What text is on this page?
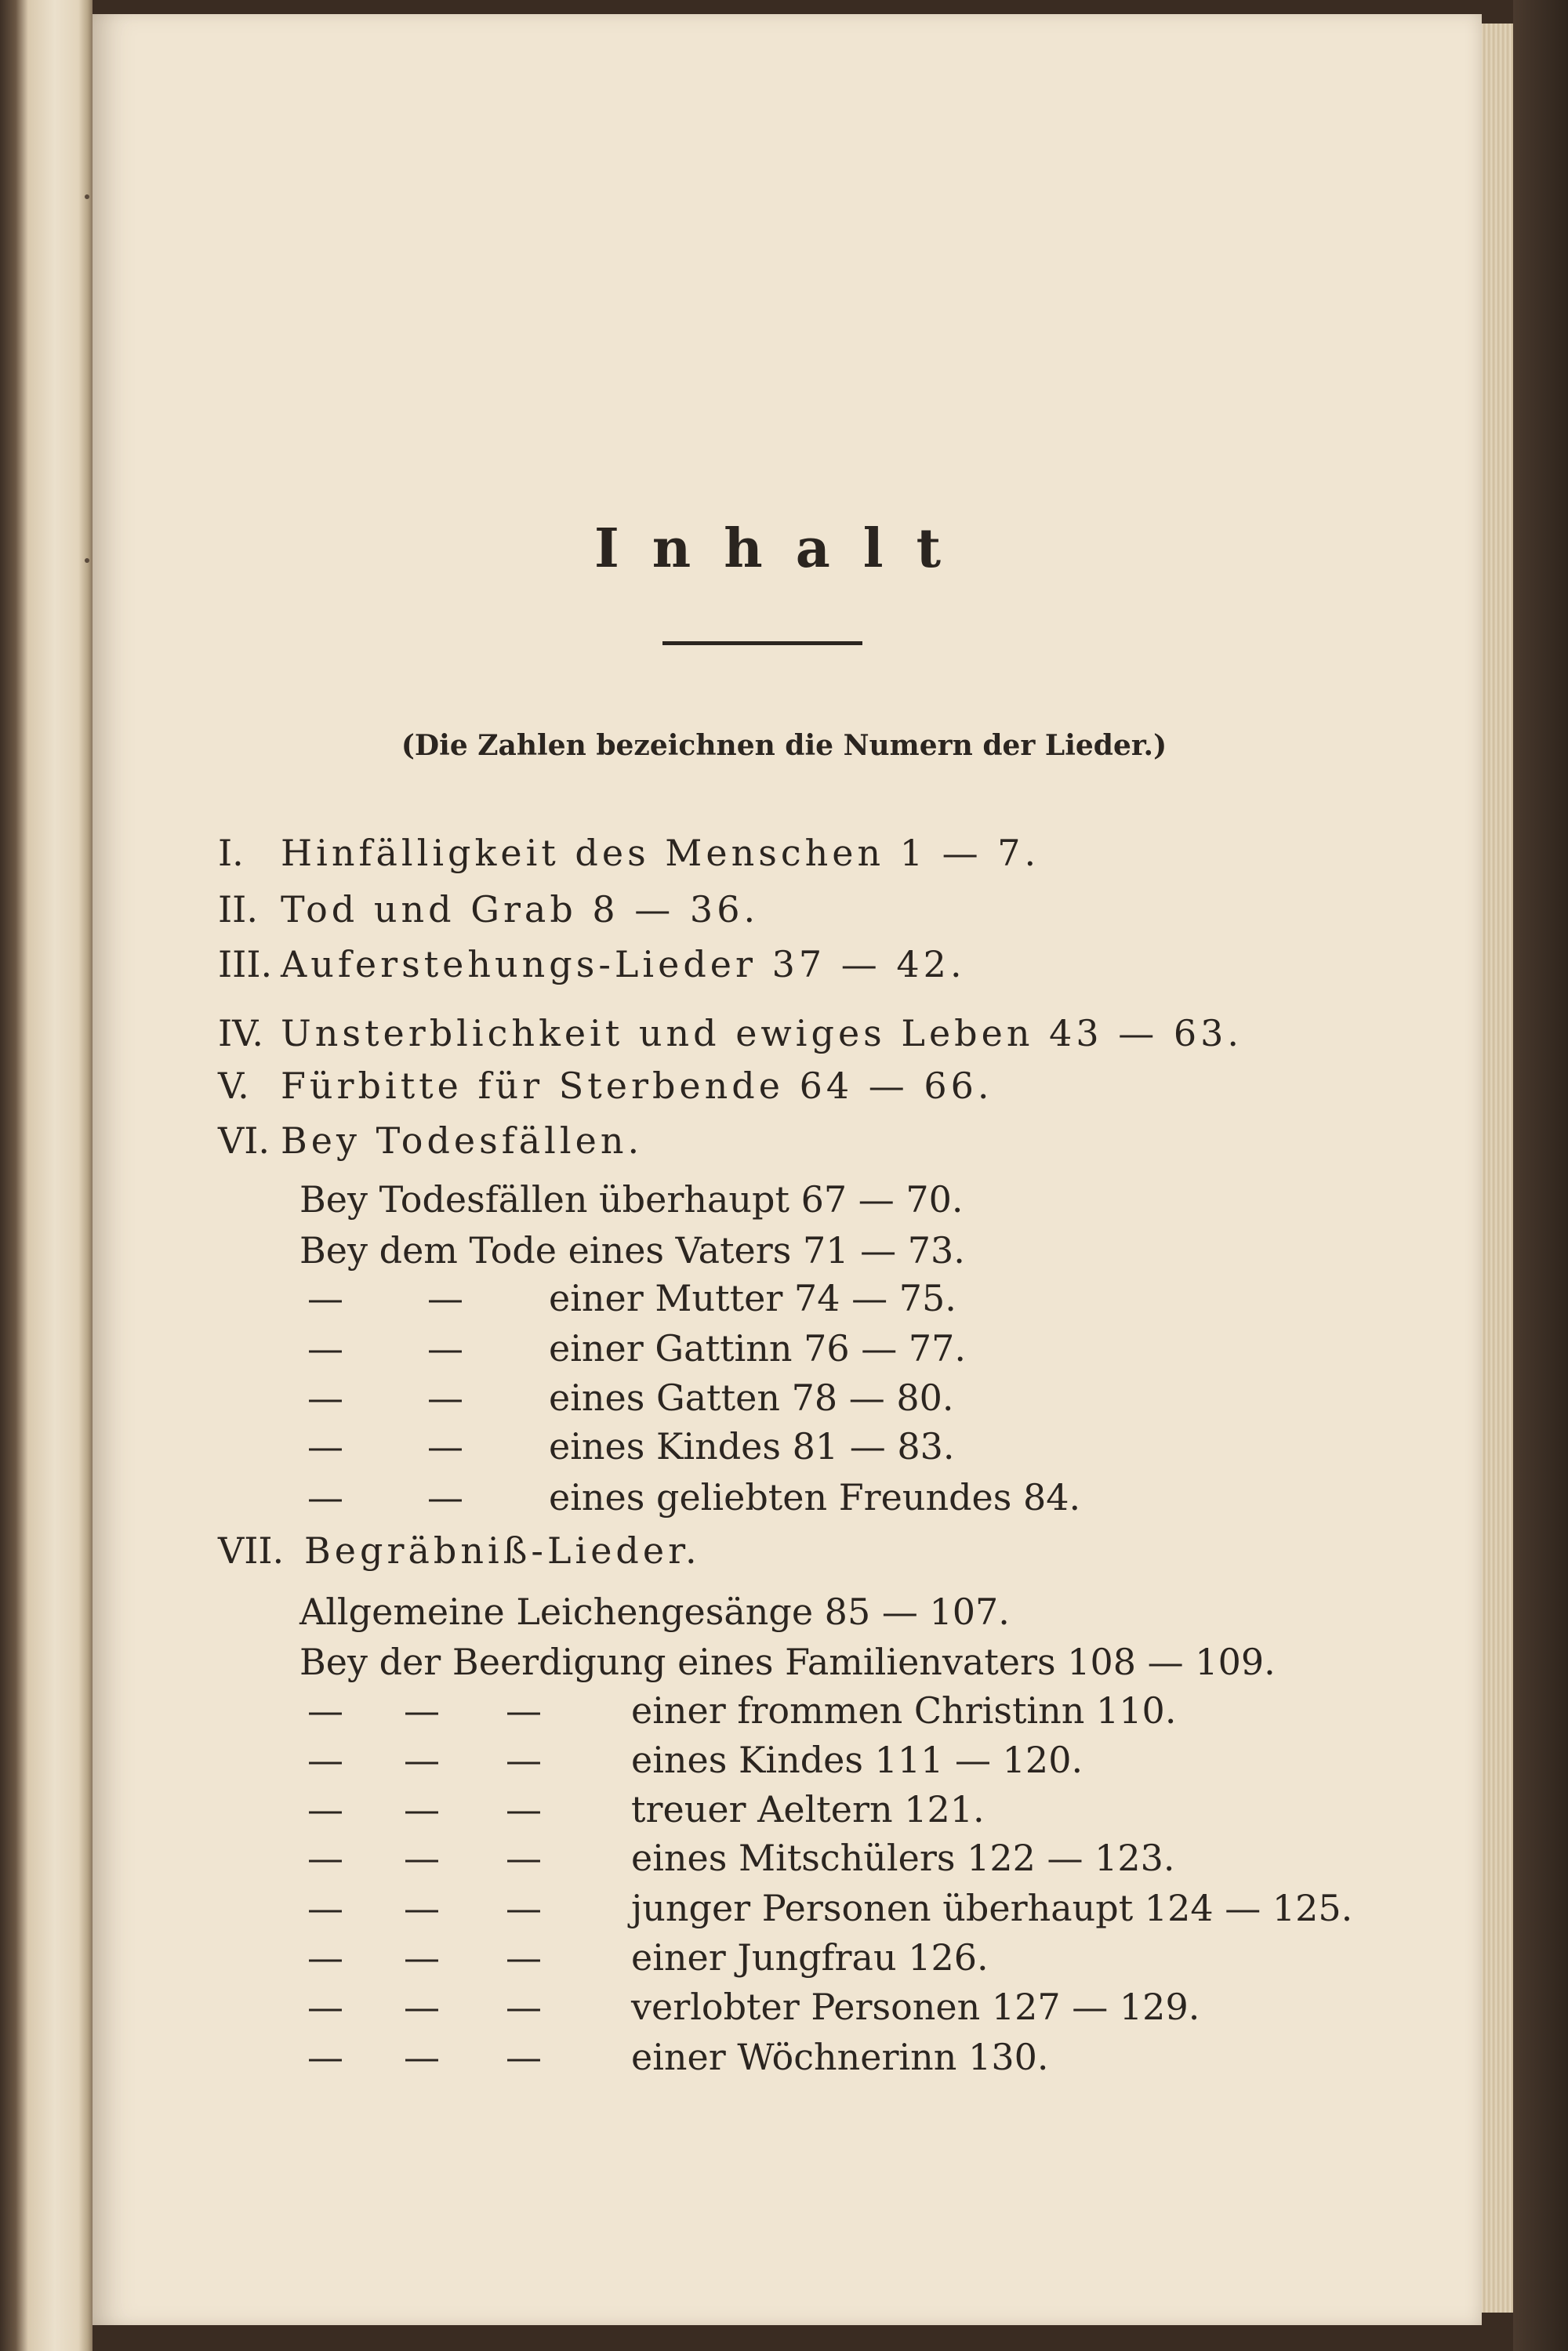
Inhalt
(Die Zahlen bezeichnen die Numern der Lieder.)
I. Hinfälligkeit des Menschen 1 — 7.
II. Tod und Grab 8 — 36.
III. Auferstehungs-Lieder 37 — 42.
IV. Unsterblichkeit und ewiges Leben 43 — 63.
V. Fürbitte für Sterbende 64 — 66.
VI. Bey Todesfällen.
Bey Todesfällen überhaupt 67 — 70.
Bey dem Tode eines Vaters 71 — 73.
— — einer Mutter 74 — 75.
— — einer Gattinn 76 — 77.
— — eines Gatten 78 — 80.
— — eines Kindes 81 — 83.
— — eines geliebten Freundes 84.
VII. Begräbniß-Lieder.
Allgemeine Leichengesänge 85 — 107.
Bey der Beerdigung eines Familienvaters 108 — 109.
— — — einer frommen Christinn 110.
— — — eines Kindes 111 — 120.
— — — treuer Aeltern 121.
— — — eines Mitschülers 122 — 123.
— — — junger Personen überhaupt 124 — 125.
— — — einer Jungfrau 126.
— — — verlobter Personen 127 — 129.
— — — einer Wöchnerinn 130.
